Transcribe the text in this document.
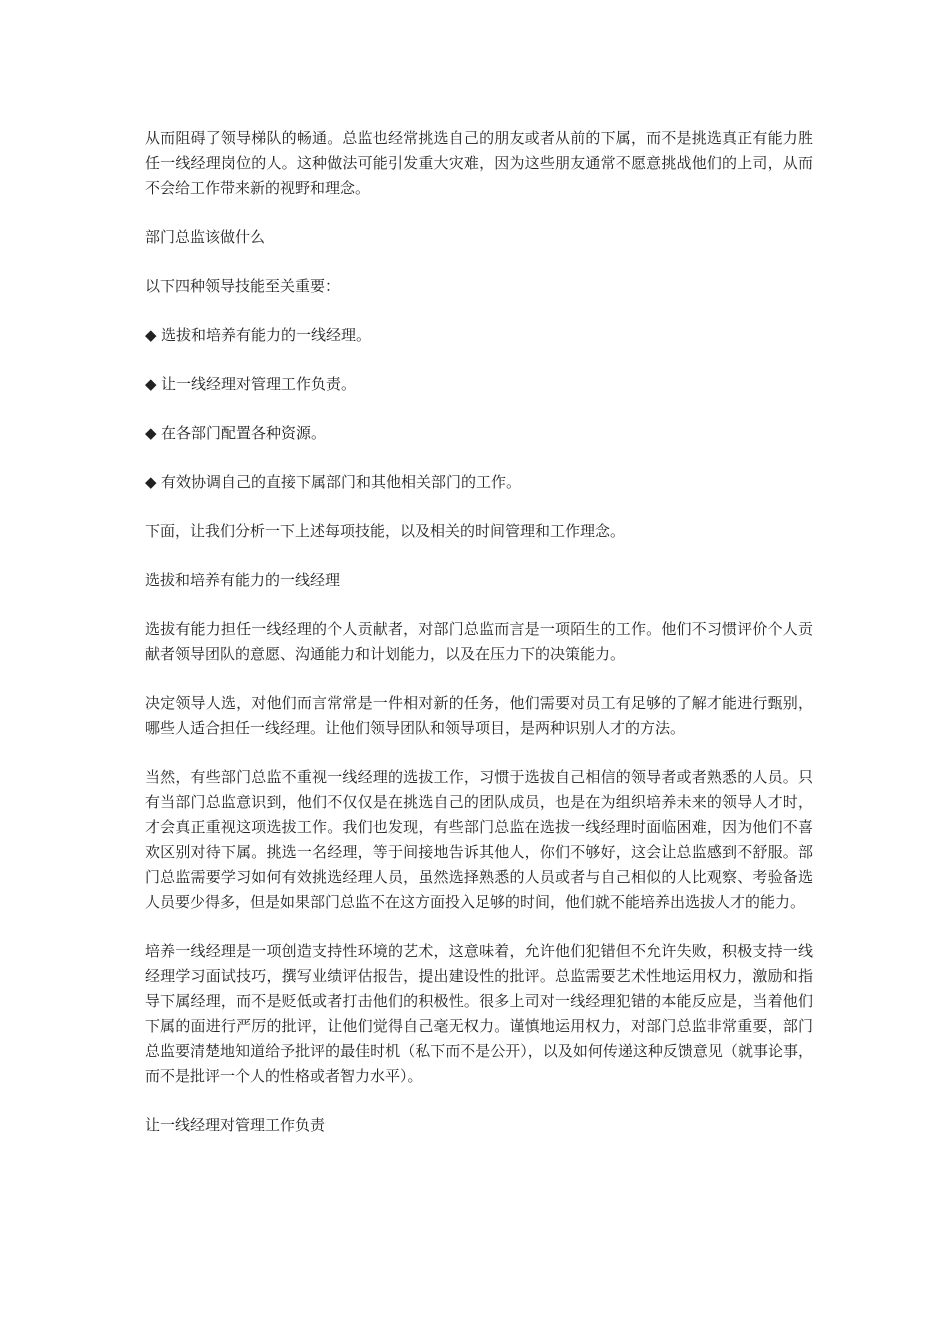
从而阻碍了领导梯队的畅通。总监也经常挑选自己的朋友或者从前的下属，而不是挑选真正有能力胜任一线经理岗位的人。这种做法可能引发重大灾难，因为这些朋友通常不愿意挑战他们的上司，从而不会给工作带来新的视野和理念。

部门总监该做什么

以下四种领导技能至关重要：

◆ 选拔和培养有能力的一线经理。

◆ 让一线经理对管理工作负责。

◆ 在各部门配置各种资源。

◆ 有效协调自己的直接下属部门和其他相关部门的工作。

下面，让我们分析一下上述每项技能，以及相关的时间管理和工作理念。

选拔和培养有能力的一线经理

选拔有能力担任一线经理的个人贡献者，对部门总监而言是一项陌生的工作。他们不习惯评价个人贡献者领导团队的意愿、沟通能力和计划能力，以及在压力下的决策能力。

决定领导人选，对他们而言常常是一件相对新的任务，他们需要对员工有足够的了解才能进行甄别，哪些人适合担任一线经理。让他们领导团队和领导项目，是两种识别人才的方法。

当然，有些部门总监不重视一线经理的选拔工作，习惯于选拔自己相信的领导者或者熟悉的人员。只有当部门总监意识到，他们不仅仅是在挑选自己的团队成员，也是在为组织培养未来的领导人才时，才会真正重视这项选拔工作。我们也发现，有些部门总监在选拔一线经理时面临困难，因为他们不喜欢区别对待下属。挑选一名经理，等于间接地告诉其他人，你们不够好，这会让总监感到不舒服。部门总监需要学习如何有效挑选经理人员，虽然选择熟悉的人员或者与自己相似的人比观察、考验备选人员要少得多，但是如果部门总监不在这方面投入足够的时间，他们就不能培养出选拔人才的能力。

培养一线经理是一项创造支持性环境的艺术，这意味着，允许他们犯错但不允许失败，积极支持一线经理学习面试技巧，撰写业绩评估报告，提出建设性的批评。总监需要艺术性地运用权力，激励和指导下属经理，而不是贬低或者打击他们的积极性。很多上司对一线经理犯错的本能反应是，当着他们下属的面进行严厉的批评，让他们觉得自己毫无权力。谨慎地运用权力，对部门总监非常重要，部门总监要清楚地知道给予批评的最佳时机（私下而不是公开），以及如何传递这种反馈意见（就事论事，而不是批评一个人的性格或者智力水平）。

让一线经理对管理工作负责
